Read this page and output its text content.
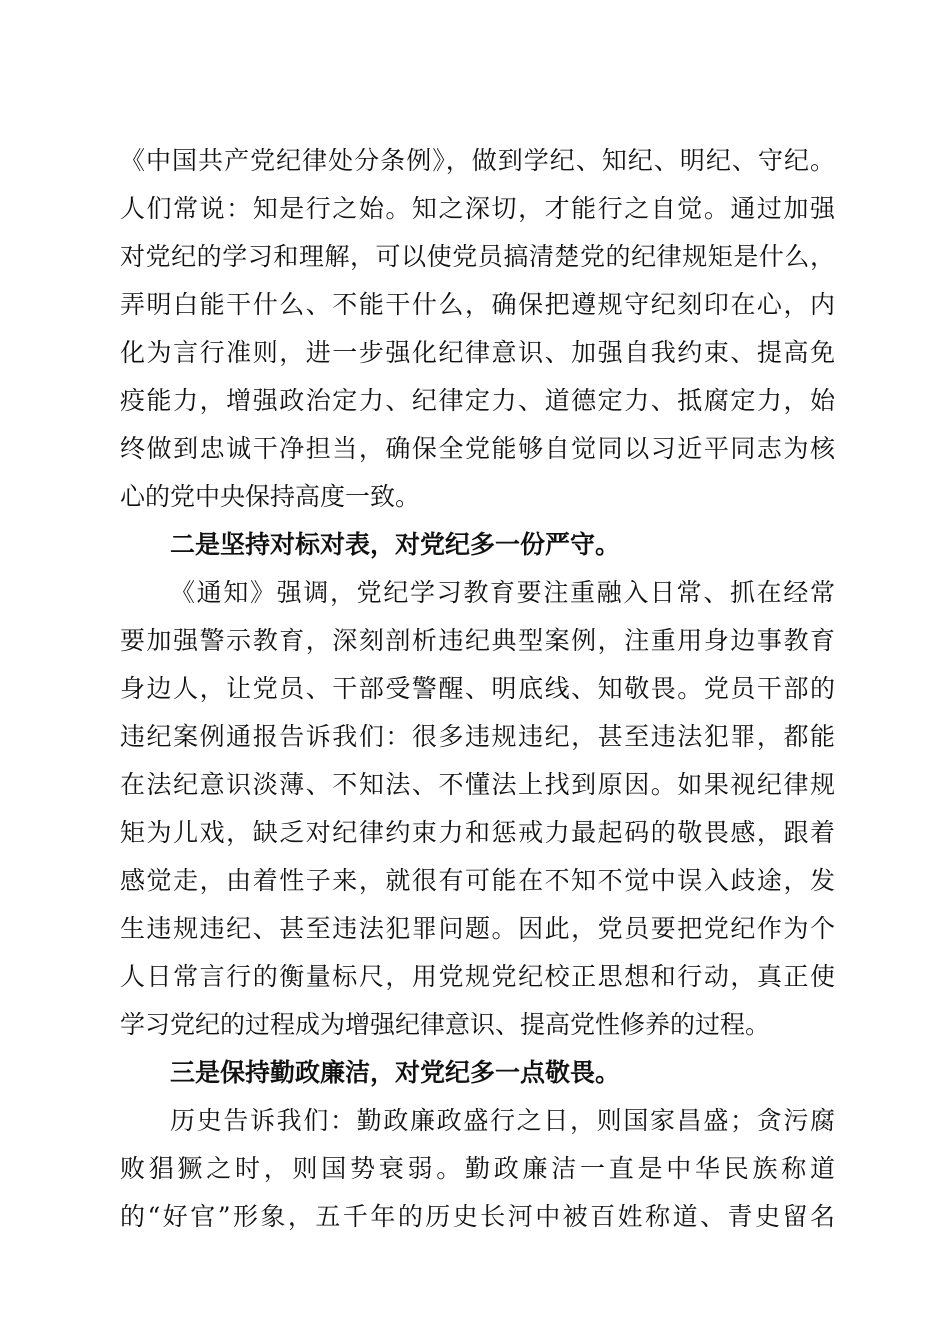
《中国共产党纪律处分条例》，做到学纪、知纪、明纪、守纪。
人们常说：知是行之始。知之深切，才能行之自觉。通过加强
对党纪的学习和理解，可以使党员搞清楚党的纪律规矩是什么，
弄明白能干什么、不能干什么，确保把遵规守纪刻印在心，内
化为言行准则，进一步强化纪律意识、加强自我约束、提高免
疫能力，增强政治定力、纪律定力、道德定力、抵腐定力，始
终做到忠诚干净担当，确保全党能够自觉同以习近平同志为核
心的党中央保持高度一致。
二是坚持对标对表，对党纪多一份严守。
《通知》强调，党纪学习教育要注重融入日常、抓在经常
要加强警示教育，深刻剖析违纪典型案例，注重用身边事教育
身边人，让党员、干部受警醒、明底线、知敬畏。党员干部的
违纪案例通报告诉我们：很多违规违纪，甚至违法犯罪，都能
在法纪意识淡薄、不知法、不懂法上找到原因。如果视纪律规
矩为儿戏，缺乏对纪律约束力和惩戒力最起码的敬畏感，跟着
感觉走，由着性子来，就很有可能在不知不觉中误入歧途，发
生违规违纪、甚至违法犯罪问题。因此，党员要把党纪作为个
人日常言行的衡量标尺，用党规党纪校正思想和行动，真正使
学习党纪的过程成为增强纪律意识、提高党性修养的过程。
三是保持勤政廉洁，对党纪多一点敬畏。
历史告诉我们：勤政廉政盛行之日，则国家昌盛；贪污腐
败猖獗之时，则国势衰弱。勤政廉洁一直是中华民族称道
的“好官”形象，五千年的历史长河中被百姓称道、青史留名
